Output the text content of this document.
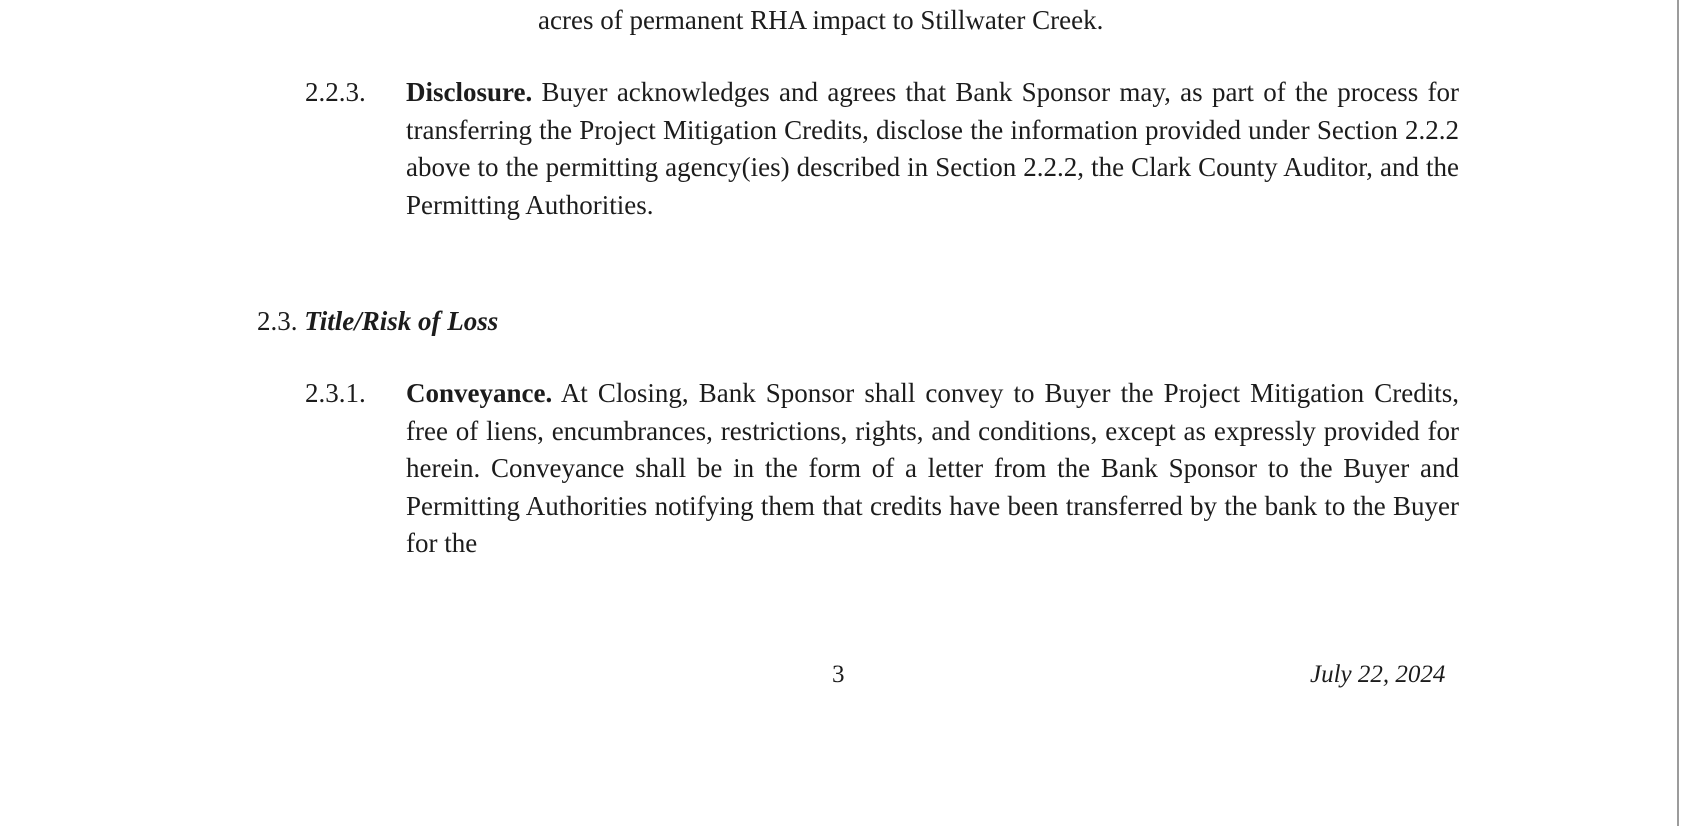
acres of permanent RHA impact to Stillwater Creek.
2.2.3. Disclosure. Buyer acknowledges and agrees that Bank Sponsor may, as part of the process for transferring the Project Mitigation Credits, disclose the information provided under Section 2.2.2 above to the permitting agency(ies) described in Section 2.2.2, the Clark County Auditor, and the Permitting Authorities.
2.3. Title/Risk of Loss
2.3.1. Conveyance. At Closing, Bank Sponsor shall convey to Buyer the Project Mitigation Credits, free of liens, encumbrances, restrictions, rights, and conditions, except as expressly provided for herein. Conveyance shall be in the form of a letter from the Bank Sponsor to the Buyer and Permitting Authorities notifying them that credits have been transferred by the bank to the Buyer for the
3	July 22, 2024
